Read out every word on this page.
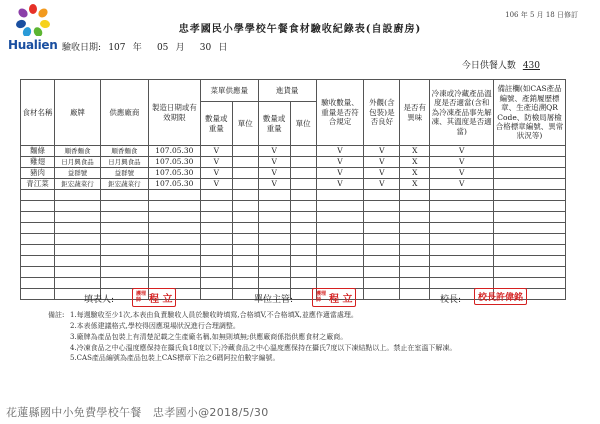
Hualien
106 年 5 月 18 日修訂
忠孝國民小學學校午餐食材驗收紀錄表(自設廚房)
驗收日期: 107 年 05 月 30 日
今日供餐人數 430
食材名稱	廠牌	供應廠商	製造日期或有效期限	菜單供應量		進貨量		驗收數量、重量是否符合規定	外觀(含包裝)是否良好	是否有異味	冷凍或冷藏產品溫度是否適當(含和為冷凍產品事先解凍、其溫度是否適當)	備註欄(如CAS產品編號、產銷履歷標章、生產追溯QR Code、防檢局屠檢合格標章編號、異常狀況等)
				數量或重量	單位	數量或重量	單位					
麵條	順香麵食	順香麵食	107.05.30	V		V		V	V	X	V	
雞翅	日月興食品	日月興食品	107.05.30	V		V		V	V	X	V	
豬肉	益群號	益群號	107.05.30	V		V		V	V	X	V	
青江菜	鉅宏蔬菜行	鉅宏蔬菜行	107.05.30	V		V		V	V	X	V	

填表人:
護理師 程 立	單位主管:
護理師 程 立	校長: 校長許偉銘
備註: 1.每週驗收至少1次,本表由負責驗收人員於驗收時填寫,合格填V,不合格填X,並應作適當處理。
2.本表係建議格式,學校得因應現場狀況進行合理調整。
3.廠牌為產品包裝上有清楚記載之生產廠名稱,如無則填無;供應廠商係指供應食材之廠商。
4.冷凍食品之中心溫度應保持在攝氏負18度以下;冷藏食品之中心溫度應保持在攝氏7度以下凍結點以上。禁止在室溫下解凍。
5.CAS產品編號為產品包裝上CAS標章下治之6碼阿拉伯數字編號。
花蓮縣國中小免費學校午餐　忠孝國小@2018/5/30
